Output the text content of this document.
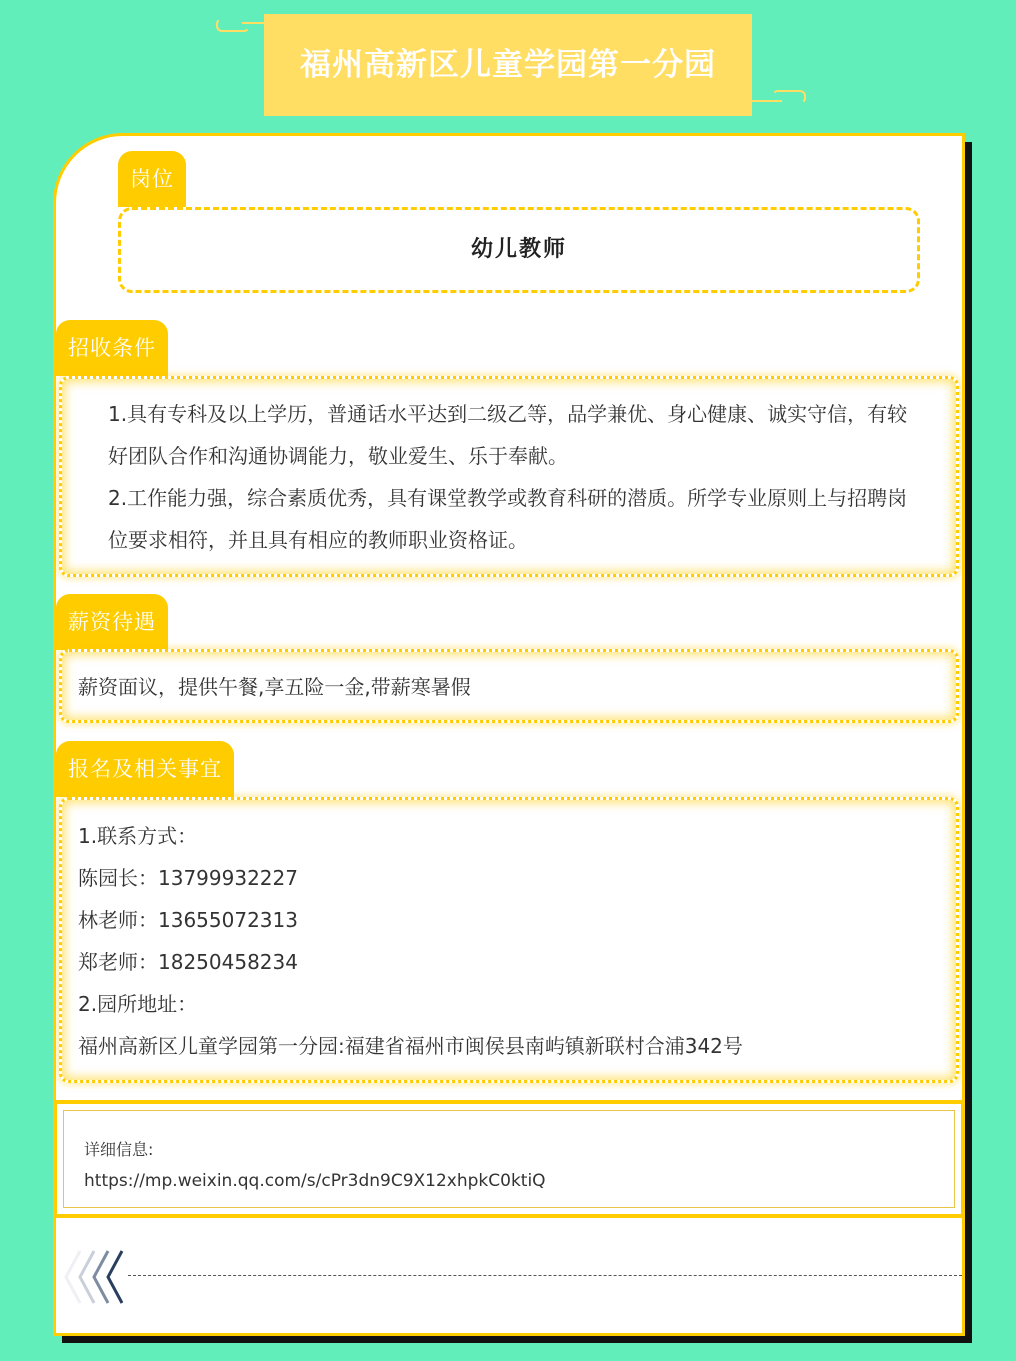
福州高新区儿童学园第一分园
岗位
幼儿教师
招收条件
1.具有专科及以上学历，普通话水平达到二级乙等，品学兼优、身心健康、诚实守信，有较好团队合作和沟通协调能力，敬业爱生、乐于奉献。
2.工作能力强，综合素质优秀，具有课堂教学或教育科研的潜质。所学专业原则上与招聘岗位要求相符，并且具有相应的教师职业资格证。
薪资待遇
薪资面议，提供午餐,享五险一金,带薪寒暑假
报名及相关事宜
1.联系方式：
陈园长：13799932227
林老师：13655072313
郑老师：18250458234
2.园所地址：
福州高新区儿童学园第一分园:福建省福州市闽侯县南屿镇新联村合浦342号
详细信息:
https://mp.weixin.qq.com/s/cPr3dn9C9X12xhpkC0ktiQ
